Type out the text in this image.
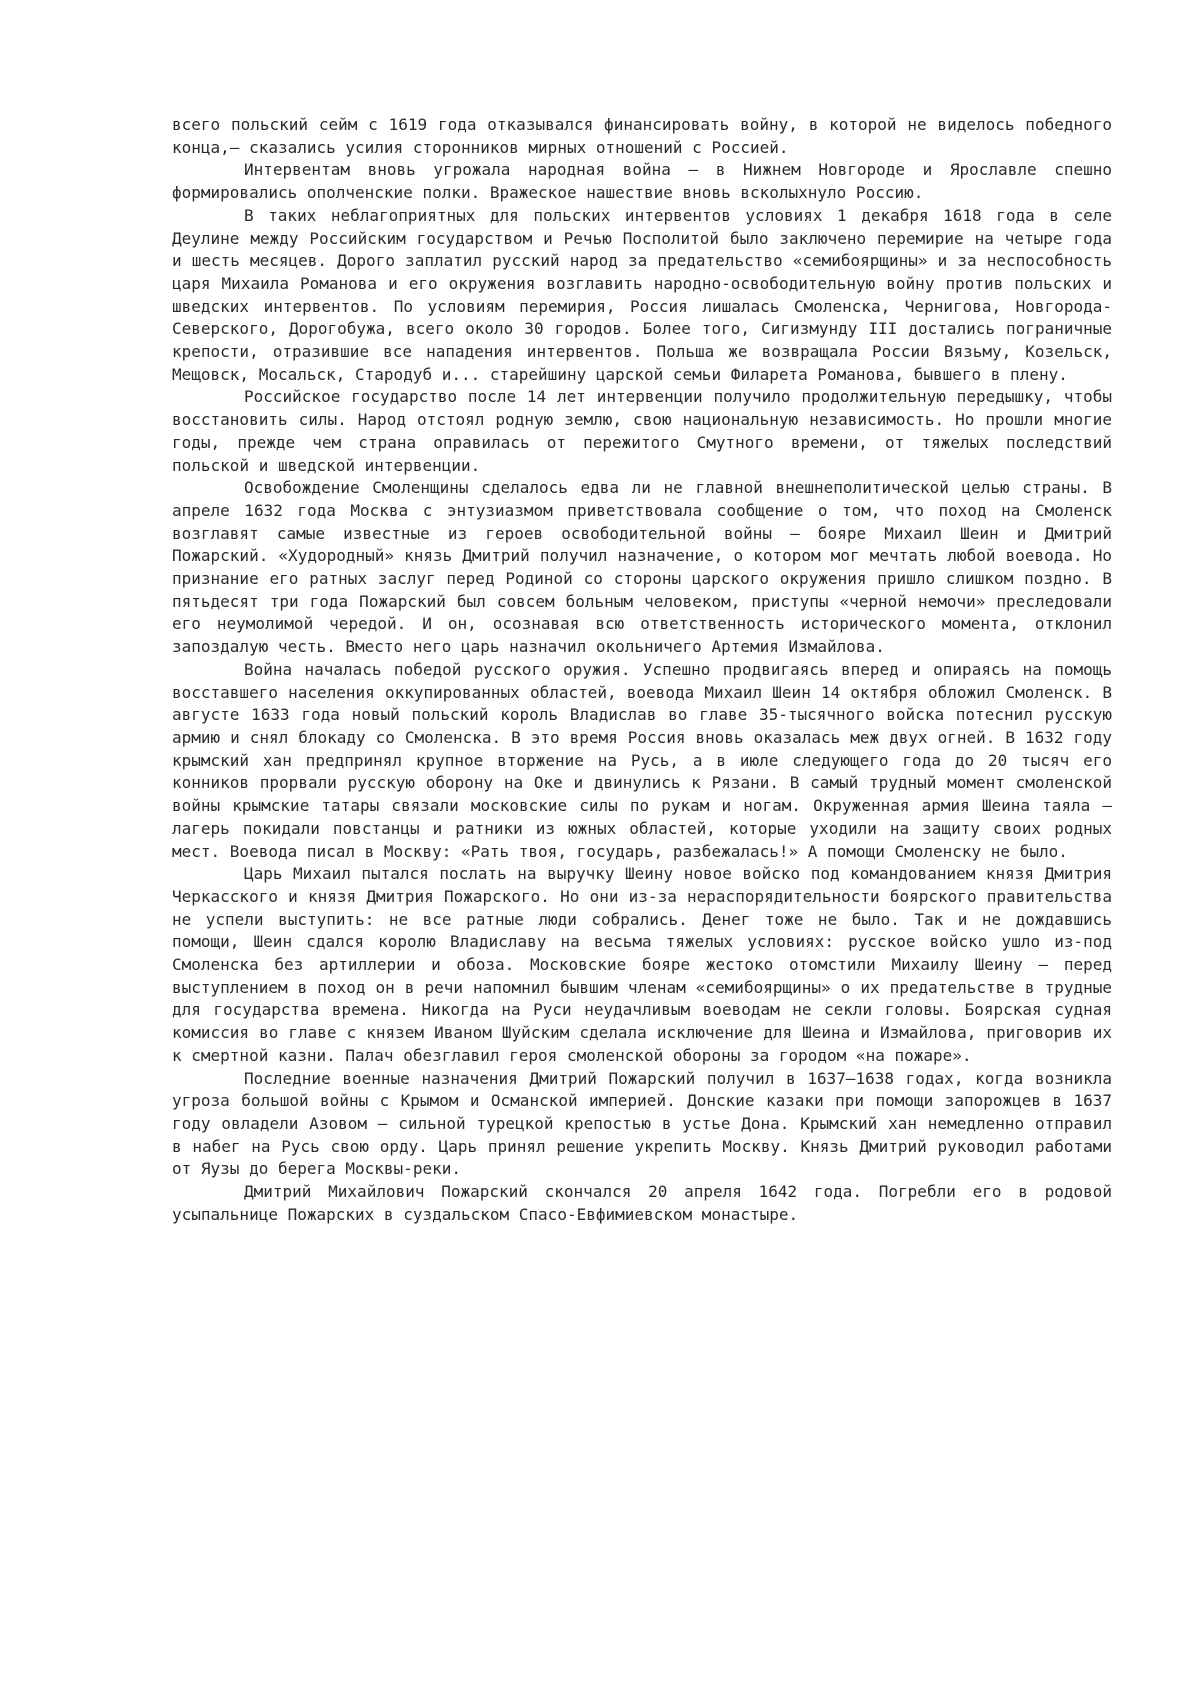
всего польский сейм с 1619 года отказывался финансировать войну, в которой не виделось победного конца,— сказались усилия сторонников мирных отношений с Россией.

Интервентам вновь угрожала народная война — в Нижнем Новгороде и Ярославле спешно формировались ополченские полки. Вражеское нашествие вновь всколыхнуло Россию.

В таких неблагоприятных для польских интервентов условиях 1 декабря 1618 года в селе Деулине между Российским государством и Речью Посполитой было заключено перемирие на четыре года и шесть месяцев. Дорого заплатил русский народ за предательство «семибоярщины» и за неспособность царя Михаила Романова и его окружения возглавить народно-освободительную войну против польских и шведских интервентов. По условиям перемирия, Россия лишалась Смоленска, Чернигова, Новгорода-Северского, Дорогобужа, всего около 30 городов. Более того, Сигизмунду III достались пограничные крепости, отразившие все нападения интервентов. Польша же возвращала России Вязьму, Козельск, Мещовск, Мосальск, Стародуб и... старейшину царской семьи Филарета Романова, бывшего в плену.

Российское государство после 14 лет интервенции получило продолжительную передышку, чтобы восстановить силы. Народ отстоял родную землю, свою национальную независимость. Но прошли многие годы, прежде чем страна оправилась от пережитого Смутного времени, от тяжелых последствий польской и шведской интервенции.

Освобождение Смоленщины сделалось едва ли не главной внешнеполитической целью страны. В апреле 1632 года Москва с энтузиазмом приветствовала сообщение о том, что поход на Смоленск возглавят самые известные из героев освободительной войны — бояре Михаил Шеин и Дмитрий Пожарский. «Худородный» князь Дмитрий получил назначение, о котором мог мечтать любой воевода. Но признание его ратных заслуг перед Родиной со стороны царского окружения пришло слишком поздно. В пятьдесят три года Пожарский был совсем больным человеком, приступы «черной немочи» преследовали его неумолимой чередой. И он, осознавая всю ответственность исторического момента, отклонил запоздалую честь. Вместо него царь назначил окольничего Артемия Измайлова.

Война началась победой русского оружия. Успешно продвигаясь вперед и опираясь на помощь восставшего населения оккупированных областей, воевода Михаил Шеин 14 октября обложил Смоленск. В августе 1633 года новый польский король Владислав во главе 35-тысячного войска потеснил русскую армию и снял блокаду со Смоленска. В это время Россия вновь оказалась меж двух огней. В 1632 году крымский хан предпринял крупное вторжение на Русь, а в июле следующего года до 20 тысяч его конников прорвали русскую оборону на Оке и двинулись к Рязани. В самый трудный момент смоленской войны крымские татары связали московские силы по рукам и ногам. Окруженная армия Шеина таяла — лагерь покидали повстанцы и ратники из южных областей, которые уходили на защиту своих родных мест. Воевода писал в Москву: «Рать твоя, государь, разбежалась!» А помощи Смоленску не было.

Царь Михаил пытался послать на выручку Шеину новое войско под командованием князя Дмитрия Черкасского и князя Дмитрия Пожарского. Но они из-за нераспорядительности боярского правительства не успели выступить: не все ратные люди собрались. Денег тоже не было. Так и не дождавшись помощи, Шеин сдался королю Владиславу на весьма тяжелых условиях: русское войско ушло из-под Смоленска без артиллерии и обоза. Московские бояре жестоко отомстили Михаилу Шеину — перед выступлением в поход он в речи напомнил бывшим членам «семибоярщины» о их предательстве в трудные для государства времена. Никогда на Руси неудачливым воеводам не секли головы. Боярская судная комиссия во главе с князем Иваном Шуйским сделала исключение для Шеина и Измайлова, приговорив их к смертной казни. Палач обезглавил героя смоленской обороны за городом «на пожаре».

Последние военные назначения Дмитрий Пожарский получил в 1637—1638 годах, когда возникла угроза большой войны с Крымом и Османской империей. Донские казаки при помощи запорожцев в 1637 году овладели Азовом — сильной турецкой крепостью в устье Дона. Крымский хан немедленно отправил в набег на Русь свою орду. Царь принял решение укрепить Москву. Князь Дмитрий руководил работами от Яузы до берега Москвы-реки.

Дмитрий Михайлович Пожарский скончался 20 апреля 1642 года. Погребли его в родовой усыпальнице Пожарских в суздальском Спасо-Евфимиевском монастыре.
